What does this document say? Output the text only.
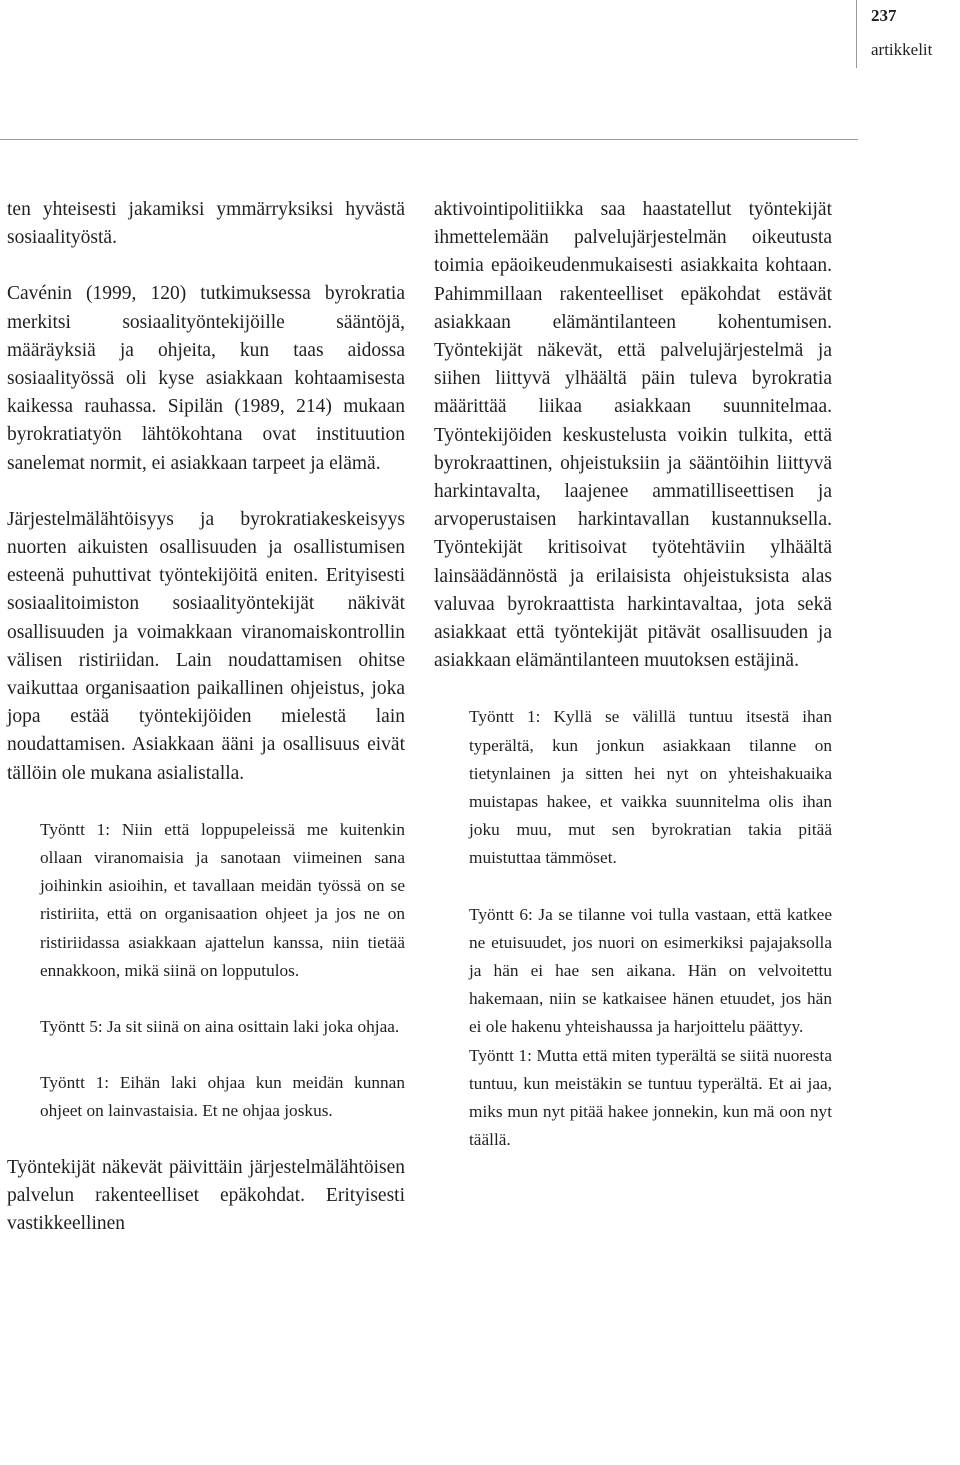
237
artikkelit

ten yhteisesti jakamiksi ymmärryksiksi hyvästä sosiaalityöstä.

Cavénin (1999, 120) tutkimuksessa byrokratia merkitsi sosiaalityöntekijöille sääntöjä, määräyksiä ja ohjeita, kun taas aidossa sosiaalityössä oli kyse asiakkaan kohtaamisesta kaikessa rauhassa. Sipilän (1989, 214) mukaan byrokratiatyön lähtökohtana ovat instituution sanelemat normit, ei asiakkaan tarpeet ja elämä.

Järjestelmälähtöisyys ja byrokratiakeskeisyys nuorten aikuisten osallisuuden ja osallistumisen esteenä puhuttivat työntekijöitä eniten. Erityisesti sosiaalitoimiston sosiaalityöntekijät näkivät osallisuuden ja voimakkaan viranomaiskontrollin välisen ristiriidan. Lain noudattamisen ohitse vaikuttaa organisaation paikallinen ohjeistus, joka jopa estää työntekijöiden mielestä lain noudattamisen. Asiakkaan ääni ja osallisuus eivät tällöin ole mukana asialistalla.

Työntt 1: Niin että loppupeleissä me kuitenkin ollaan viranomaisia ja sanotaan viimeinen sana joihinkin asioihin, et tavallaan meidän työssä on se ristiriita, että on organisaation ohjeet ja jos ne on ristiriidassa asiakkaan ajattelun kanssa, niin tietää ennakkoon, mikä siinä on lopputulos.

Työntt 5: Ja sit siinä on aina osittain laki joka ohjaa.

Työntt 1: Eihän laki ohjaa kun meidän kunnan ohjeet on lainvastaisia. Et ne ohjaa joskus.

Työntekijät näkevät päivittäin järjestelmälähtöisen palvelun rakenteelliset epäkohdat. Erityisesti vastikkeellinen

aktivointipolitiikka saa haastatellut työntekijät ihmettelemään palvelujärjestelmän oikeutusta toimia epäoikeudenmukaisesti asiakkaita kohtaan. Pahimmillaan rakenteelliset epäkohdat estävät asiakkaan elämäntilanteen kohentumisen. Työntekijät näkevät, että palvelujärjestelmä ja siihen liittyvä ylhäältä päin tuleva byrokratia määrittää liikaa asiakkaan suunnitelmaa. Työntekijöiden keskustelusta voikin tulkita, että byrokraattinen, ohjeistuksiin ja sääntöihin liittyvä harkintavalta, laajenee ammatilliseettisen ja arvoperustaisen harkintavallan kustannuksella. Työntekijät kritisoivat työtehtäviin ylhäältä lainsäädännöstä ja erilaisista ohjeistuksista alas valuvaa byrokraattista harkintavaltaa, jota sekä asiakkaat että työntekijät pitävät osallisuuden ja asiakkaan elämäntilanteen muutoksen estäjinä.

Työntt 1: Kyllä se välillä tuntuu itsestä ihan typerältä, kun jonkun asiakkaan tilanne on tietynlainen ja sitten hei nyt on yhteishakuaika muistapas hakee, et vaikka suunnitelma olis ihan joku muu, mut sen byrokratian takia pitää muistuttaa tämmöset.

Työntt 6: Ja se tilanne voi tulla vastaan, että katkee ne etuisuudet, jos nuori on esimerkiksi pajajaksolla ja hän ei hae sen aikana. Hän on velvoitettu hakemaan, niin se katkaisee hänen etuudet, jos hän ei ole hakenu yhteishaussa ja harjoittelu päättyy.

Työntt 1: Mutta että miten typerältä se siitä nuoresta tuntuu, kun meistäkin se tuntuu typerältä. Et ai jaa, miks mun nyt pitää hakee jonnekin, kun mä oon nyt täällä.
